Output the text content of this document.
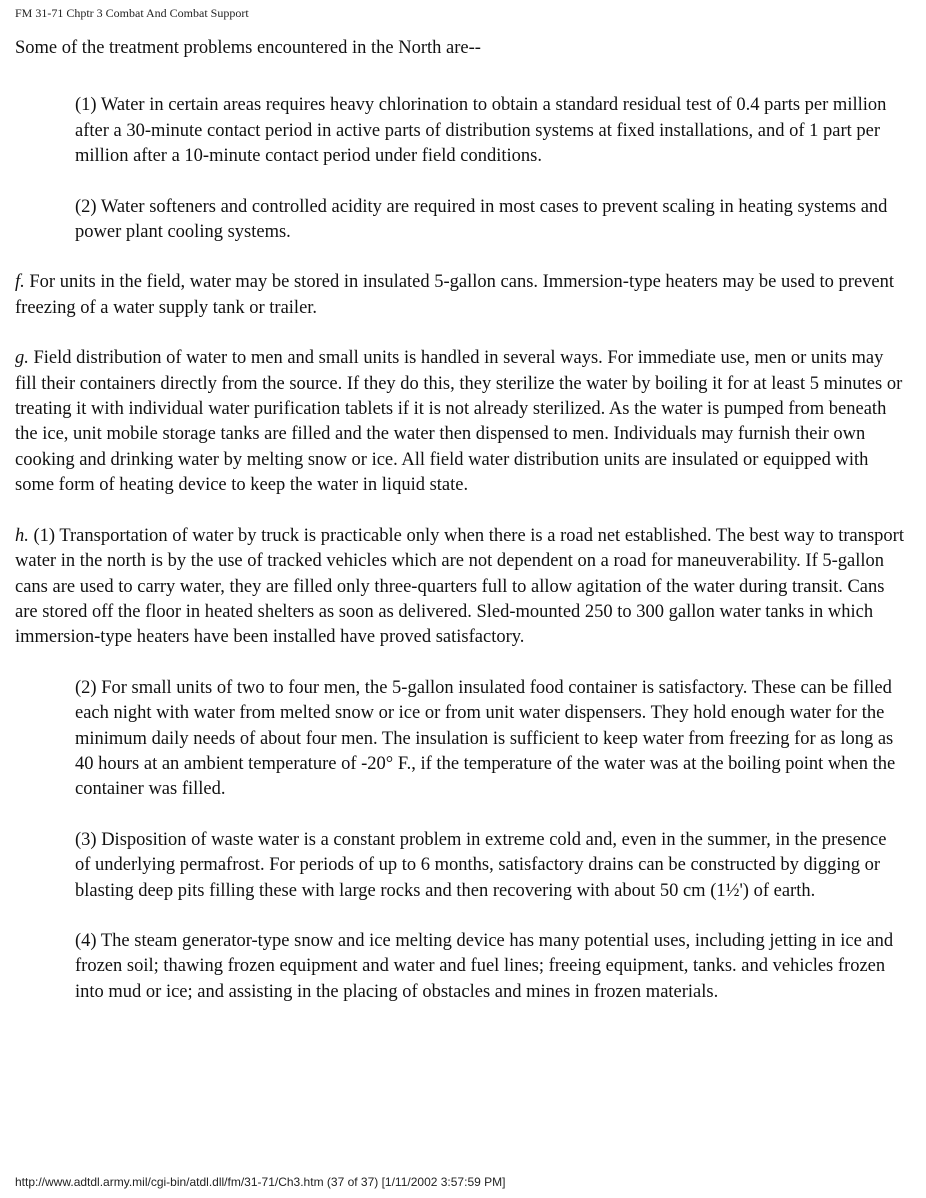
FM 31-71 Chptr 3 Combat And Combat Support

Some of the treatment problems encountered in the North are--

(1) Water in certain areas requires heavy chlorination to obtain a standard residual test of 0.4 parts per million after a 30-minute contact period in active parts of distribution systems at fixed installations, and of 1 part per million after a 10-minute contact period under field conditions.

(2) Water softeners and controlled acidity are required in most cases to prevent scaling in heating systems and power plant cooling systems.

f. For units in the field, water may be stored in insulated 5-gallon cans. Immersion-type heaters may be used to prevent freezing of a water supply tank or trailer.

g. Field distribution of water to men and small units is handled in several ways. For immediate use, men or units may fill their containers directly from the source. If they do this, they sterilize the water by boiling it for at least 5 minutes or treating it with individual water purification tablets if it is not already sterilized. As the water is pumped from beneath the ice, unit mobile storage tanks are filled and the water then dispensed to men. Individuals may furnish their own cooking and drinking water by melting snow or ice. All field water distribution units are insulated or equipped with some form of heating device to keep the water in liquid state.

h. (1) Transportation of water by truck is practicable only when there is a road net established. The best way to transport water in the north is by the use of tracked vehicles which are not dependent on a road for maneuverability. If 5-gallon cans are used to carry water, they are filled only three-quarters full to allow agitation of the water during transit. Cans are stored off the floor in heated shelters as soon as delivered. Sled-mounted 250 to 300 gallon water tanks in which immersion-type heaters have been installed have proved satisfactory.

(2) For small units of two to four men, the 5-gallon insulated food container is satisfactory. These can be filled each night with water from melted snow or ice or from unit water dispensers. They hold enough water for the minimum daily needs of about four men. The insulation is sufficient to keep water from freezing for as long as 40 hours at an ambient temperature of -20° F., if the temperature of the water was at the boiling point when the container was filled.

(3) Disposition of waste water is a constant problem in extreme cold and, even in the summer, in the presence of underlying permafrost. For periods of up to 6 months, satisfactory drains can be constructed by digging or blasting deep pits filling these with large rocks and then recovering with about 50 cm (1½') of earth.

(4) The steam generator-type snow and ice melting device has many potential uses, including jetting in ice and frozen soil; thawing frozen equipment and water and fuel lines; freeing equipment, tanks. and vehicles frozen into mud or ice; and assisting in the placing of obstacles and mines in frozen materials.

http://www.adtdl.army.mil/cgi-bin/atdl.dll/fm/31-71/Ch3.htm (37 of 37) [1/11/2002 3:57:59 PM]
